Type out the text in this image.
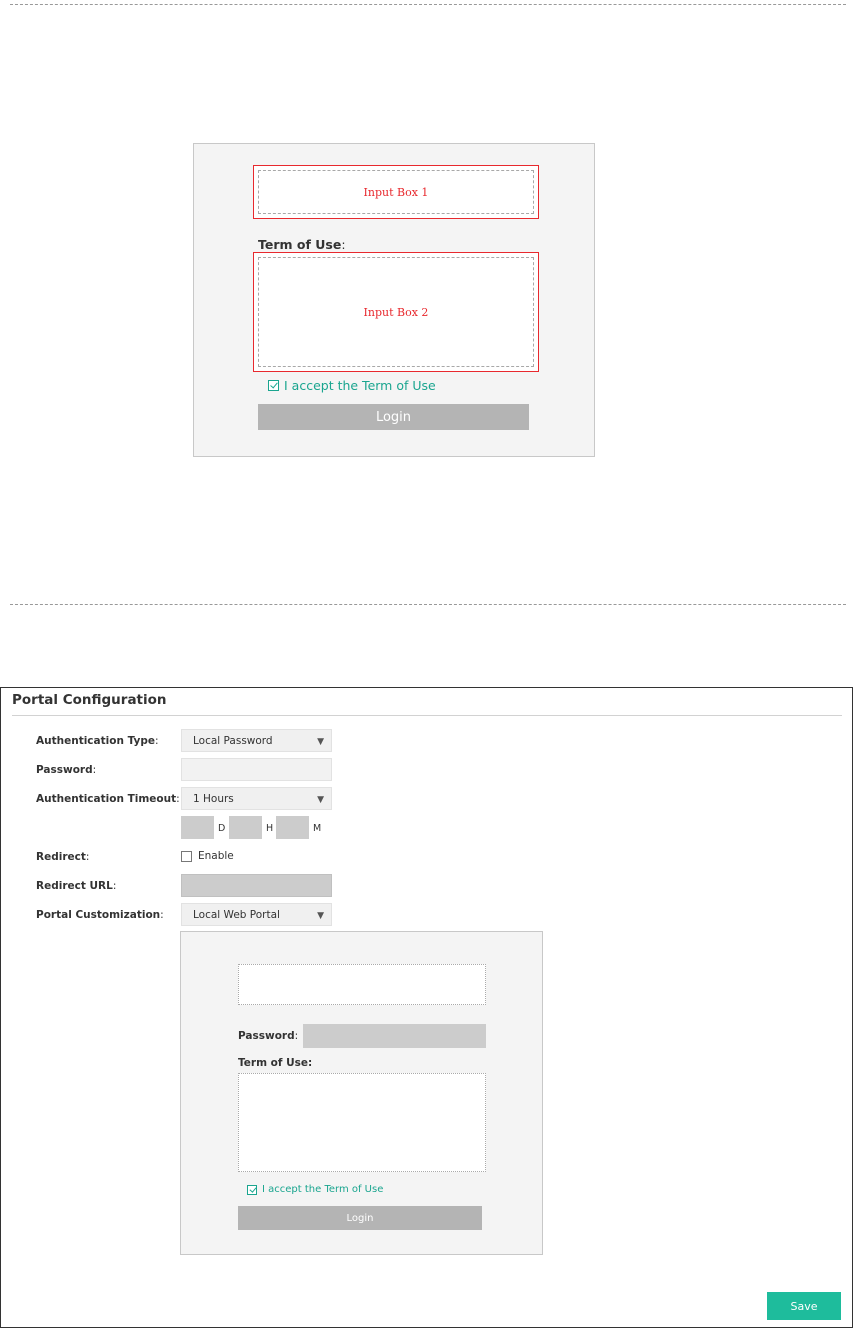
Input Box 1
Term of Use:
Input Box 2
I accept the Term of Use
Login
Portal Configuration
Authentication Type:	Local Password	▼
Password:
Authentication Timeout: 1 Hours	▼
D	H	M
Redirect:	Enable
Redirect URL:
Portal Customization:	Local Web Portal	▼
Password:
Term of Use:
I accept the Term of Use
Login
Save
